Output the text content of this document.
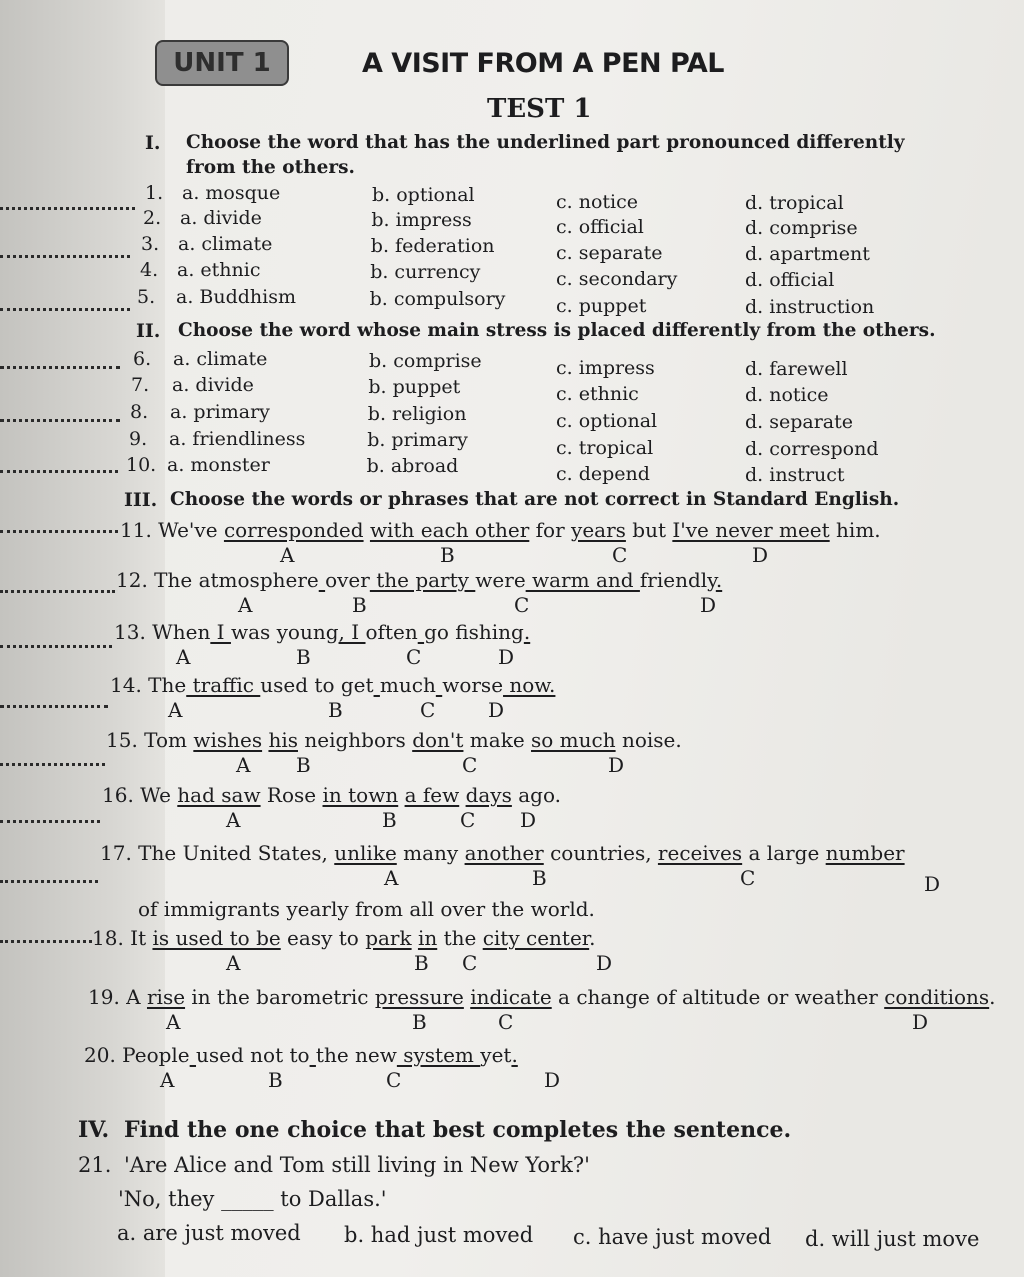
UNIT 1	A VISIT FROM A PEN PAL
TEST 1
I. Choose the word that has the underlined part pronounced differently
from the others.
II. Choose the word whose main stress is placed differently from the others.
III. Choose the words or phrases that are not correct in Standard English.
IV. Find the one choice that best completes the sentence.
21. 'Are Alice and Tom still living in New York?'
'No, they _____ to Dallas.'
a. are just moved b. had just moved c. have just moved d. will just move
1. a. mosque	b. optional	c. notice	d. tropical
2. a. divide	b. impress	c. official	d. comprise
3. a. climate	b. federation	c. separate	d. apartment
4. a. ethnic	b. currency	c. secondary	d. official
5. a. Buddhism	b. compulsory	c. puppet	d. instruction
6. a. climate	b. comprise	c. impress	d. farewell
7. a. divide	b. puppet	c. ethnic	d. notice
8. a. primary	b. religion	c. optional	d. separate
9. a. friendliness	b. primary	c. tropical	d. correspond
10. a. monster	b. abroad	c. depend	d. instruct
11. We've corresponded with each other for years but I've never meet him.
A	B	C	D
12. The atmosphere over the party were warm and friendly.
A	B	C	D
13. When I was young, I often go fishing.
A	B	C	D
14. The traffic used to get much worse now.
A	B	C	D
15. Tom wishes his neighbors don't make so much noise.
A B	C	D
16. We had saw Rose in town a few days ago.
A	B	C D
17. The United States, unlike many another countries, receives a large number
A	B	C	D
of immigrants yearly from all over the world.
18. It is used to be easy to park in the city center.
A	B C	D
19. A rise in the barometric pressure indicate a change of altitude or weather conditions.
A	B	C	D
20. People used not to the new system yet.
A	B	C	D
